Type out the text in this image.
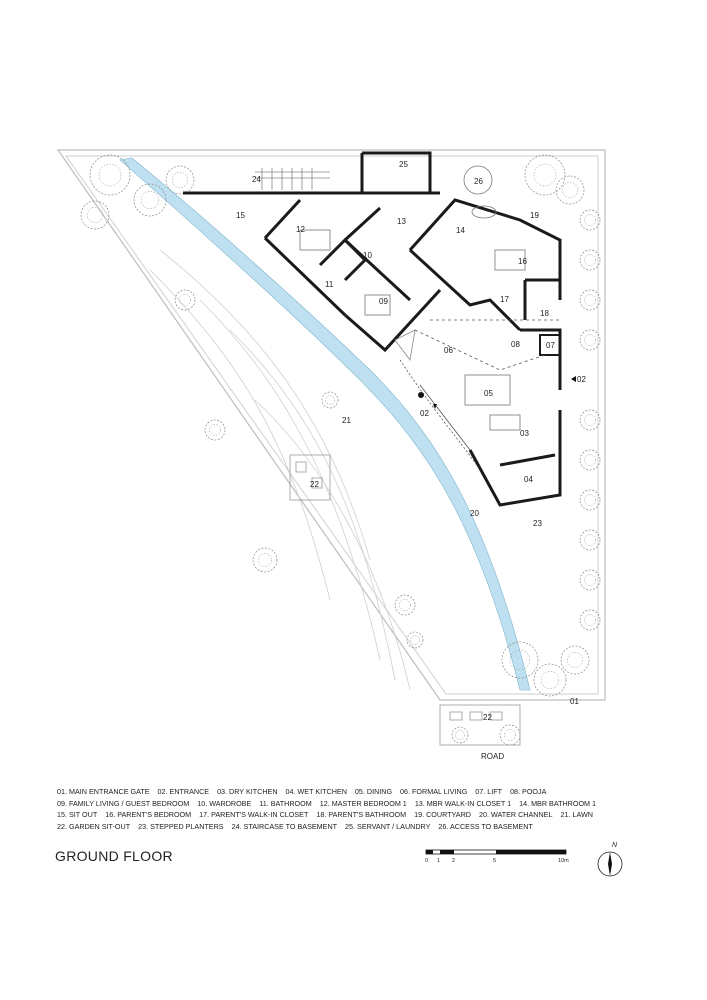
25
24	26
15
12
13
14
19
10
16
11
09	17
18
07
08
06
02
05
02
21
03
04
22
20
23
22
01
ROAD
01. MAIN ENTRANCE GATE 02. ENTRANCE 03. DRY KITCHEN 04. WET KITCHEN 05. DINING 06. FORMAL LIVING 07. LIFT 08. POOJA
09. FAMILY LIVING / GUEST BEDROOM 10. WARDROBE 11. BATHROOM 12. MASTER BEDROOM 1 13. MBR WALK-IN CLOSET 1 14. MBR BATHROOM 1
15. SIT OUT 16. PARENT'S BEDROOM 17. PARENT'S WALK-IN CLOSET 18. PARENT'S BATHROOM 19. COURTYARD 20. WATER CHANNEL 21. LAWN
22. GARDEN SIT-OUT 23. STEPPED PLANTERS 24. STAIRCASE TO BASEMENT 25. SERVANT / LAUNDRY 26. ACCESS TO BASEMENT
GROUND FLOOR	0 1 2	5	10m
N
